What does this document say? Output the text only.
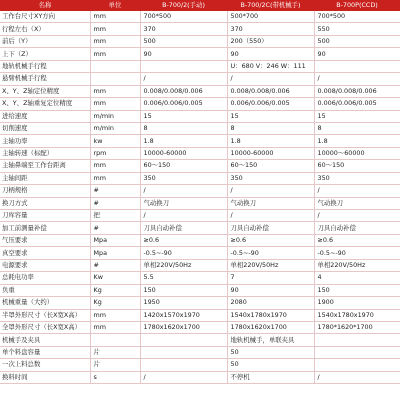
名称	单位	B-700/2(手动)	B-700/2C(带机械手)	B-700P(CCD)
工作台尺寸XY方向	mm	700*500	500*700	700*500
行程左右（X）	mm	370	370	550
前后（Y）	mm	500	200（550）	500
上下（Z）	mm	90	90	90
地轨机械手行程			U：680 V：246 W：111	
悬臂机械手行程		/	/	/
X、Y、Z轴定位精度	mm	0.008/0.008/0.006	0.008/0.008/0.006	0.008/0.008/0.006
X、Y、Z轴重复定位精度	mm	0.006/0.006/0.005	0.006/0.006/0.005	0.006/0.006/0.005
进给速度	m/min	15	15	15
切削速度	m/min	8	8	8
主轴功率	kw	1.8	1.8	1.8
主轴转速（标配）	rpm	10000-60000	10000-60000	10000～60000
主轴鼻端至工作台距离	mm	60～150	60～150	60～150
主轴间距	mm	350	350	350
刀柄规格	#	/	/	/
换刀方式	#	气动换刀	气动换刀	气动换刀
刀库容量	把	/	/	/
加工前测量补偿	#	刀具自动补偿	刀具自动补偿	刀具自动补偿
气压要求	Mpa	≥0.6	≥0.6	≥0.6
真空要求	Mpa	-0.5~-90	-0.5~-90	-0.5~-90
电源要求	#	单相220V/50Hz	单相220V/50Hz	单相220V/50Hz
总耗电功率	Kw	5.5	7	4
负重	Kg	150	90	150
机械重量（大约）	Kg	1950	2080	1900
半罩外形尺寸（长X宽X高）	mm	1420x1570x1970	1540x1780x1970	1540x1780x1970
全罩外形尺寸（长X宽X高）	mm	1780x1620x1700	1780x1620x1700	1780*1620*1700
机械手及夹具			地轨机械手，单联夹具	
单个料盘容量	片		50	
一次上料总数	片		50	
换料时间	s	/	不停机	/
